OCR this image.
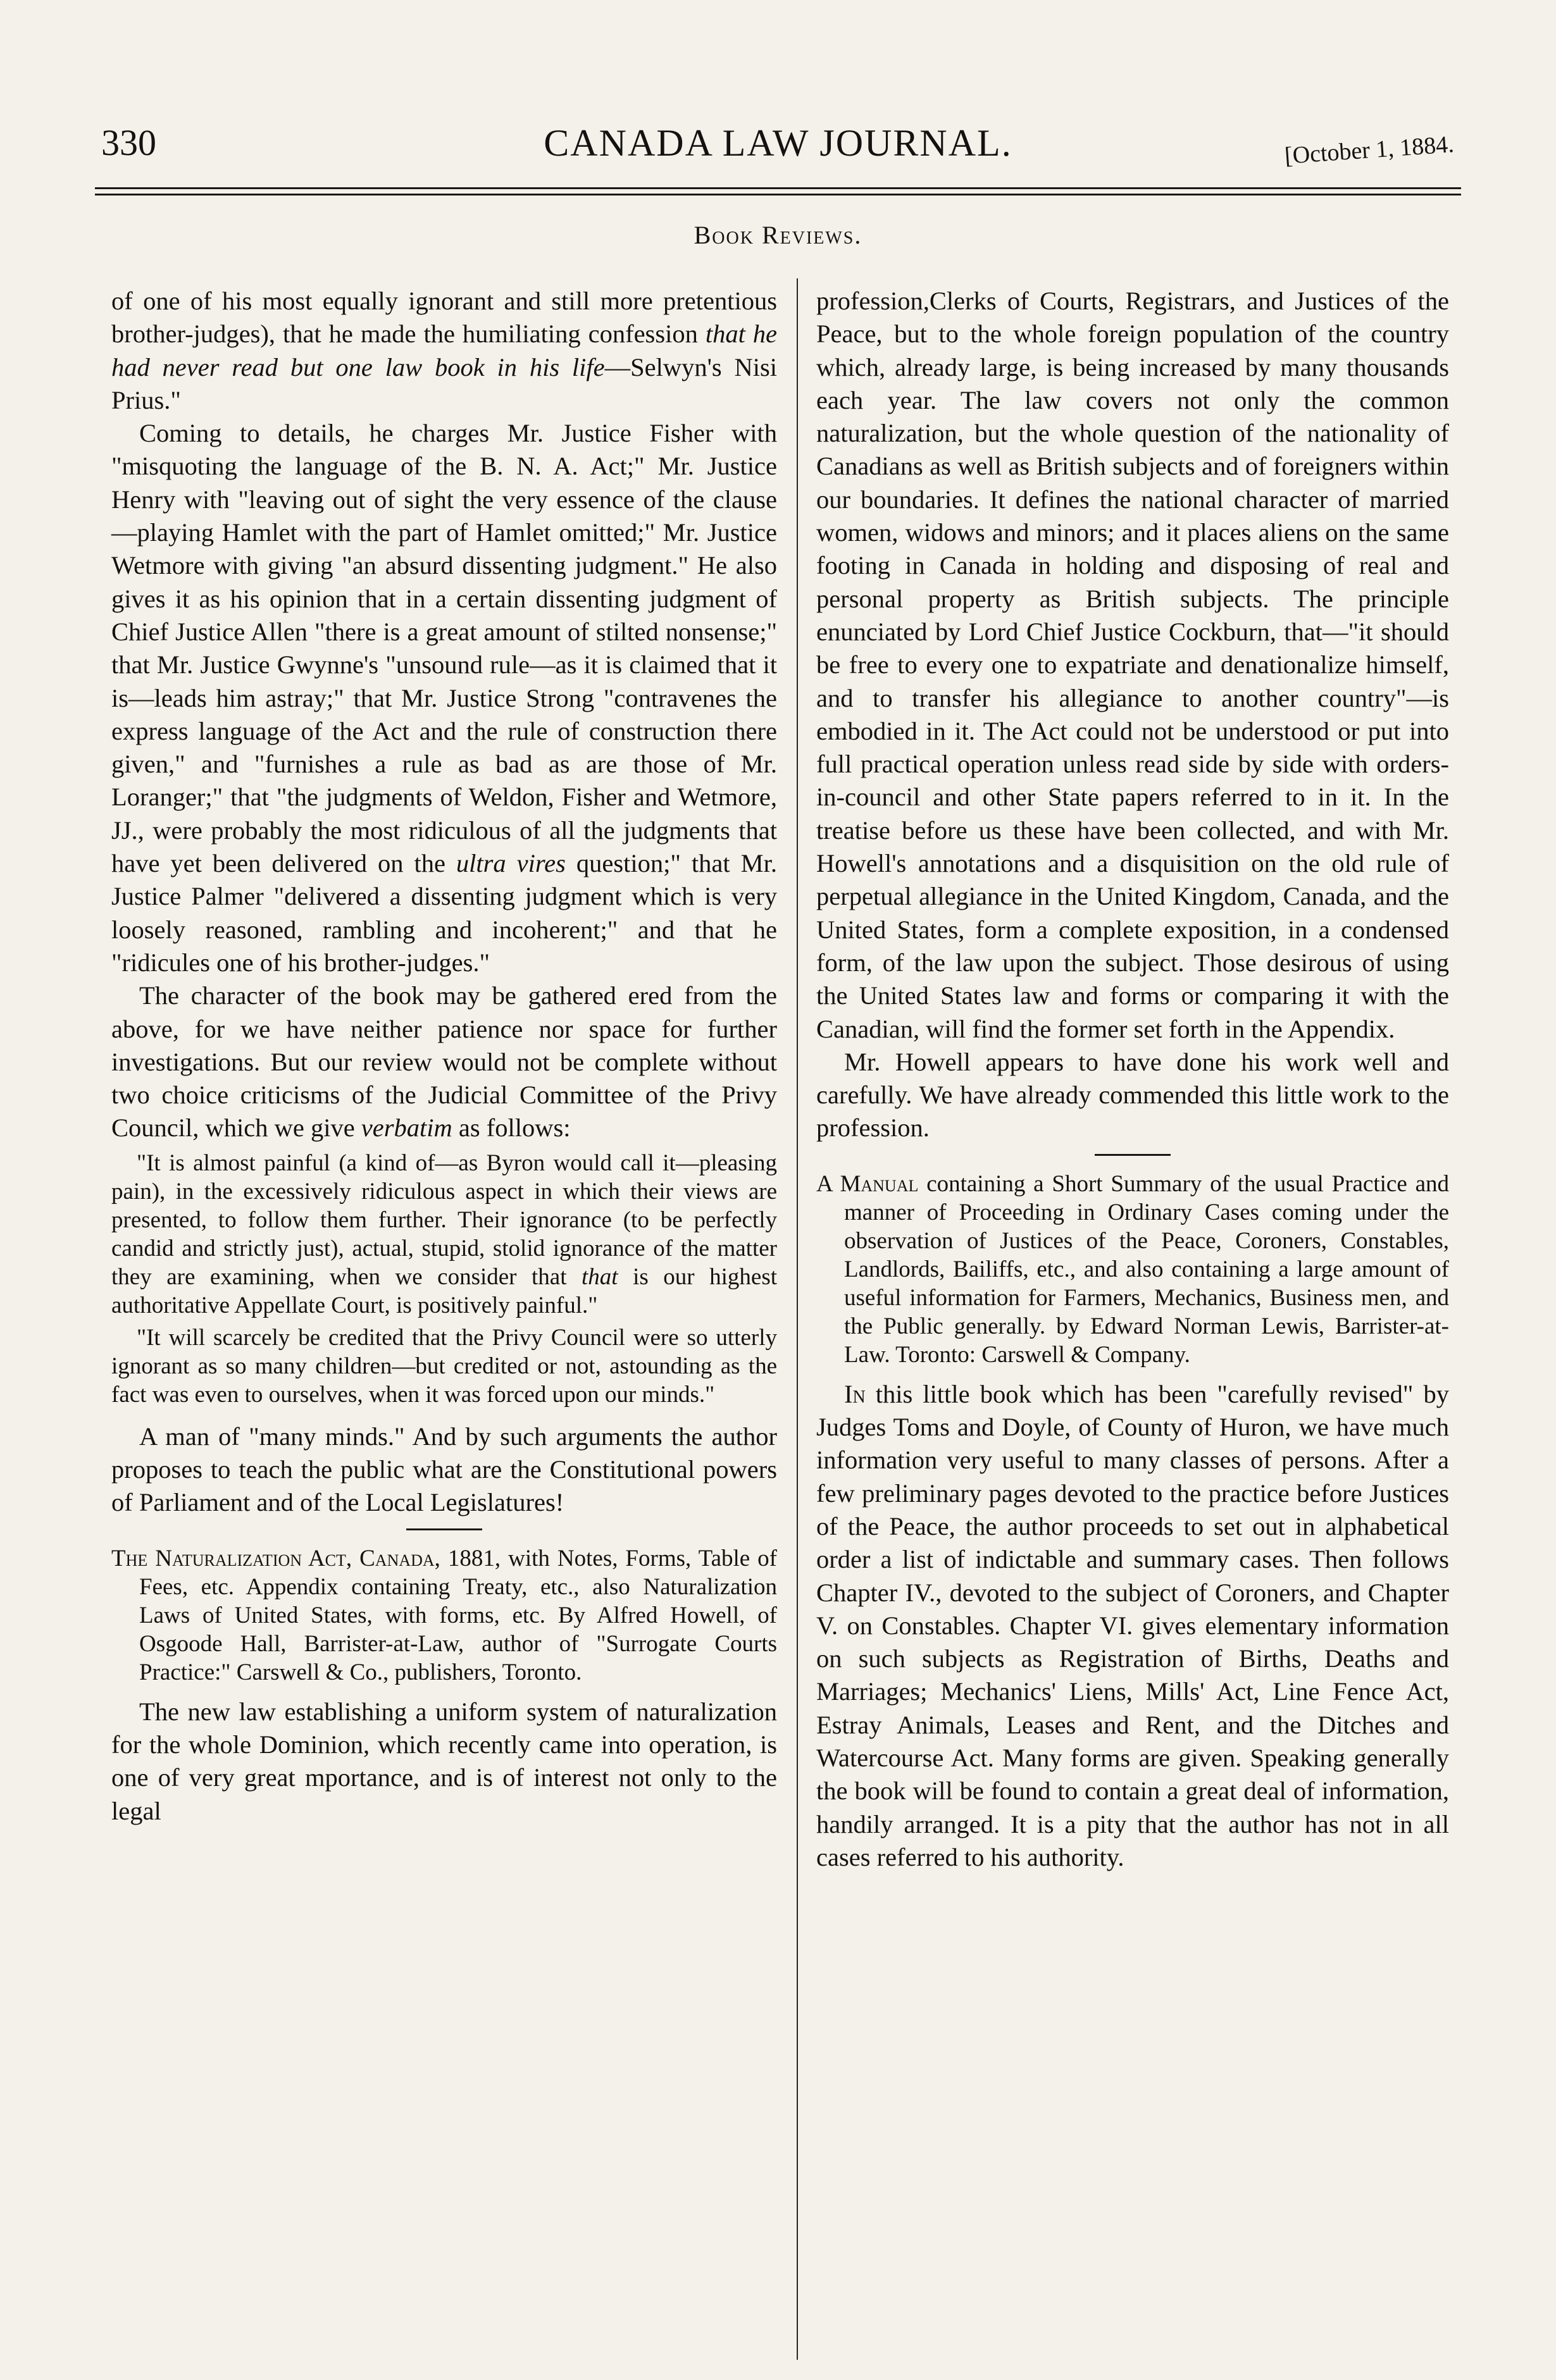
330	CANADA LAW JOURNAL.	[October 1, 1884.
Book Reviews.

of one of his most equally ignorant and still more pretentious brother-judges), that he made the humiliating confession that he had never read but one law book in his life—Selwyn's Nisi Prius."

Coming to details, he charges Mr. Justice Fisher with "misquoting the language of the B. N. A. Act;" Mr. Justice Henry with "leaving out of sight the very essence of the clause—playing Hamlet with the part of Hamlet omitted;" Mr. Justice Wetmore with giving "an absurd dissenting judgment." He also gives it as his opinion that in a certain dissenting judgment of Chief Justice Allen "there is a great amount of stilted nonsense;" that Mr. Justice Gwynne's "unsound rule—as it is claimed that it is—leads him astray;" that Mr. Justice Strong "contravenes the express language of the Act and the rule of construction there given," and "furnishes a rule as bad as are those of Mr. Loranger;" that "the judgments of Weldon, Fisher and Wetmore, JJ., were probably the most ridiculous of all the judgments that have yet been delivered on the ultra vires question;" that Mr. Justice Palmer "delivered a dissenting judgment which is very loosely reasoned, rambling and incoherent;" and that he "ridicules one of his brother-judges."

The character of the book may be gathered ered from the above, for we have neither patience nor space for further investigations. But our review would not be complete without two choice criticisms of the Judicial Committee of the Privy Council, which we give verbatim as follows:

"It is almost painful (a kind of—as Byron would call it—pleasing pain), in the excessively ridiculous aspect in which their views are presented, to follow them further. Their ignorance (to be perfectly candid and strictly just), actual, stupid, stolid ignorance of the matter they are examining, when we consider that that is our highest authoritative Appellate Court, is positively painful."

"It will scarcely be credited that the Privy Council were so utterly ignorant as so many children—but credited or not, astounding as the fact was even to ourselves, when it was forced upon our minds."

A man of "many minds." And by such arguments the author proposes to teach the public what are the Constitutional powers of Parliament and of the Local Legislatures!

The Naturalization Act, Canada, 1881, with Notes, Forms, Table of Fees, etc. Appendix containing Treaty, etc., also Naturalization Laws of United States, with forms, etc. By Alfred Howell, of Osgoode Hall, Barrister-at-Law, author of "Surrogate Courts Practice:" Carswell & Co., publishers, Toronto.

The new law establishing a uniform system of naturalization for the whole Dominion, which recently came into operation, is one of very great mportance, and is of interest not only to the legal

profession,Clerks of Courts, Registrars, and Justices of the Peace, but to the whole foreign population of the country which, already large, is being increased by many thousands each year. The law covers not only the common naturalization, but the whole question of the nationality of Canadians as well as British subjects and of foreigners within our boundaries. It defines the national character of married women, widows and minors; and it places aliens on the same footing in Canada in holding and disposing of real and personal property as British subjects. The principle enunciated by Lord Chief Justice Cockburn, that—"it should be free to every one to expatriate and denationalize himself, and to transfer his allegiance to another country"—is embodied in it. The Act could not be understood or put into full practical operation unless read side by side with orders-in-council and other State papers referred to in it. In the treatise before us these have been collected, and with Mr. Howell's annotations and a disquisition on the old rule of perpetual allegiance in the United Kingdom, Canada, and the United States, form a complete exposition, in a condensed form, of the law upon the subject. Those desirous of using the United States law and forms or comparing it with the Canadian, will find the former set forth in the Appendix.

Mr. Howell appears to have done his work well and carefully. We have already commended this little work to the profession.

A Manual containing a Short Summary of the usual Practice and manner of Proceeding in Ordinary Cases coming under the observation of Justices of the Peace, Coroners, Constables, Landlords, Bailiffs, etc., and also containing a large amount of useful information for Farmers, Mechanics, Business men, and the Public generally. by Edward Norman Lewis, Barrister-at-Law. Toronto: Carswell & Company.

In this little book which has been "carefully revised" by Judges Toms and Doyle, of County of Huron, we have much information very useful to many classes of persons. After a few preliminary pages devoted to the practice before Justices of the Peace, the author proceeds to set out in alphabetical order a list of indictable and summary cases. Then follows Chapter IV., devoted to the subject of Coroners, and Chapter V. on Constables. Chapter VI. gives elementary information on such subjects as Registration of Births, Deaths and Marriages; Mechanics' Liens, Mills' Act, Line Fence Act, Estray Animals, Leases and Rent, and the Ditches and Watercourse Act. Many forms are given. Speaking generally the book will be found to contain a great deal of information, handily arranged. It is a pity that the author has not in all cases referred to his authority.
